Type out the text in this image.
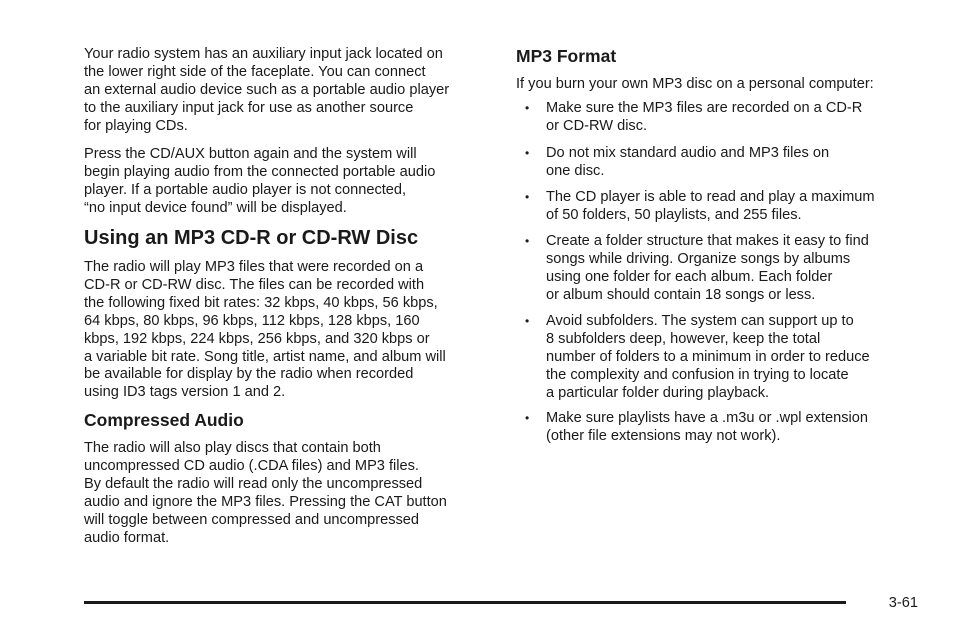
Your radio system has an auxiliary input jack located on
the lower right side of the faceplate. You can connect
an external audio device such as a portable audio player
to the auxiliary input jack for use as another source
for playing CDs.

Press the CD/AUX button again and the system will
begin playing audio from the connected portable audio
player. If a portable audio player is not connected,
“no input device found” will be displayed.

Using an MP3 CD-R or CD-RW Disc

The radio will play MP3 files that were recorded on a
CD-R or CD-RW disc. The files can be recorded with
the following fixed bit rates: 32 kbps, 40 kbps, 56 kbps,
64 kbps, 80 kbps, 96 kbps, 112 kbps, 128 kbps, 160
kbps, 192 kbps, 224 kbps, 256 kbps, and 320 kbps or
a variable bit rate. Song title, artist name, and album will
be available for display by the radio when recorded
using ID3 tags version 1 and 2.

Compressed Audio

The radio will also play discs that contain both
uncompressed CD audio (.CDA files) and MP3 files.
By default the radio will read only the uncompressed
audio and ignore the MP3 files. Pressing the CAT button
will toggle between compressed and uncompressed
audio format.

MP3 Format

If you burn your own MP3 disc on a personal computer:

• Make sure the MP3 files are recorded on a CD-R
or CD-RW disc.

• Do not mix standard audio and MP3 files on
one disc.

• The CD player is able to read and play a maximum
of 50 folders, 50 playlists, and 255 files.

• Create a folder structure that makes it easy to find
songs while driving. Organize songs by albums
using one folder for each album. Each folder
or album should contain 18 songs or less.

• Avoid subfolders. The system can support up to
8 subfolders deep, however, keep the total
number of folders to a minimum in order to reduce
the complexity and confusion in trying to locate
a particular folder during playback.

• Make sure playlists have a .m3u or .wpl extension
(other file extensions may not work).

3-61
